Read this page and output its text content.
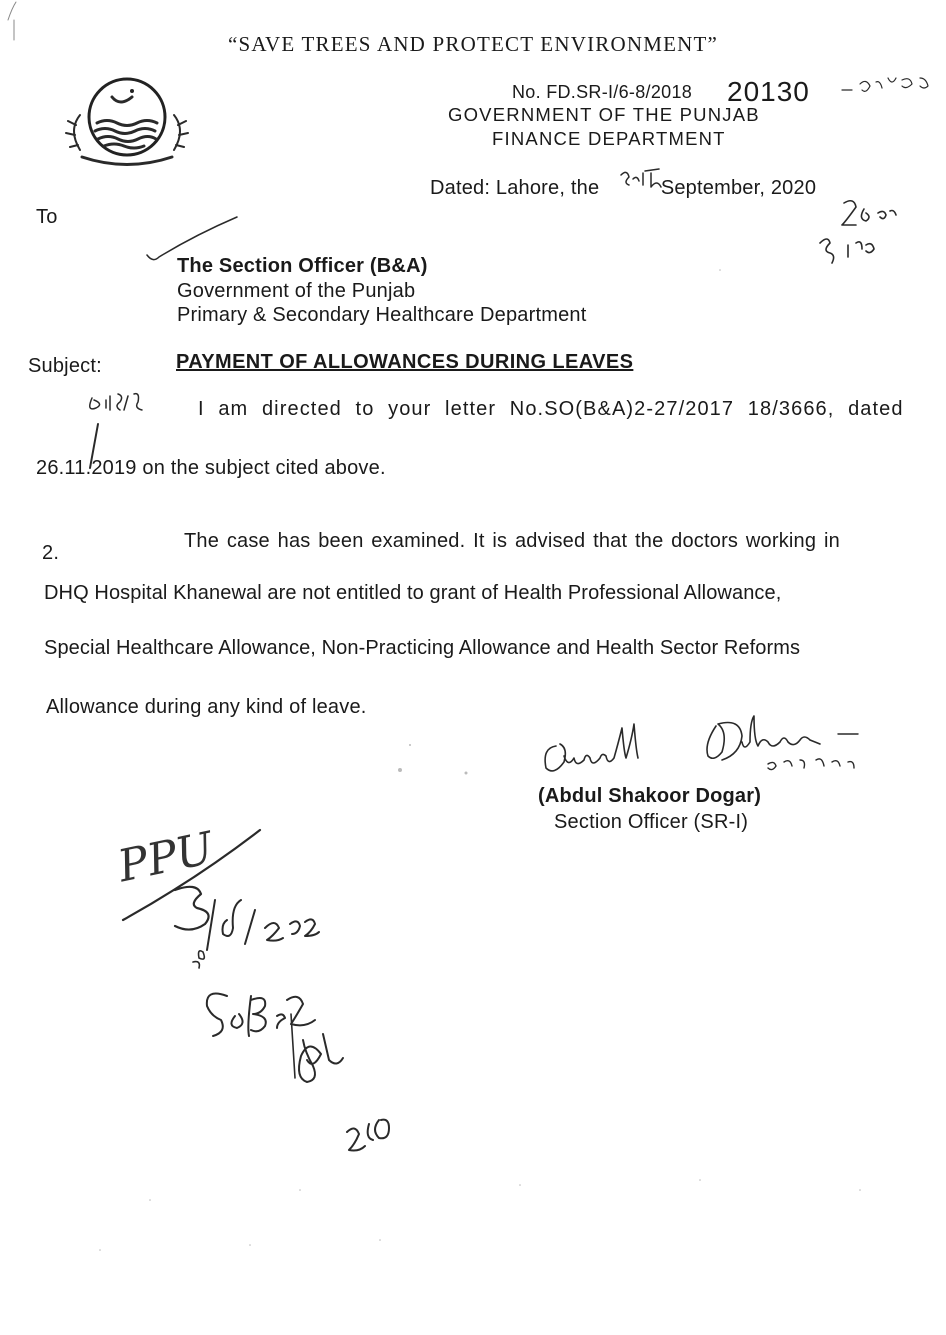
“SAVE TREES AND PROTECT ENVIRONMENT”
No. FD.SR-I/6-8/2018 20130
GOVERNMENT OF THE PUNJAB
FINANCE DEPARTMENT
Dated: Lahore, the	September, 2020
To
The Section Officer (B&A)
Government of the Punjab
Primary & Secondary Healthcare Department
Subject:	PAYMENT OF ALLOWANCES DURING LEAVES
I am directed to your letter No.SO(B&A)2-27/2017 18/3666, dated
26.11.2019 on the subject cited above.
2.
The case has been examined. It is advised that the doctors working in
DHQ Hospital Khanewal are not entitled to grant of Health Professional Allowance,
Special Healthcare Allowance, Non-Practicing Allowance and Health Sector Reforms
Allowance during any kind of leave.
(Abdul Shakoor Dogar)
Section Officer (SR-I)
PPU
